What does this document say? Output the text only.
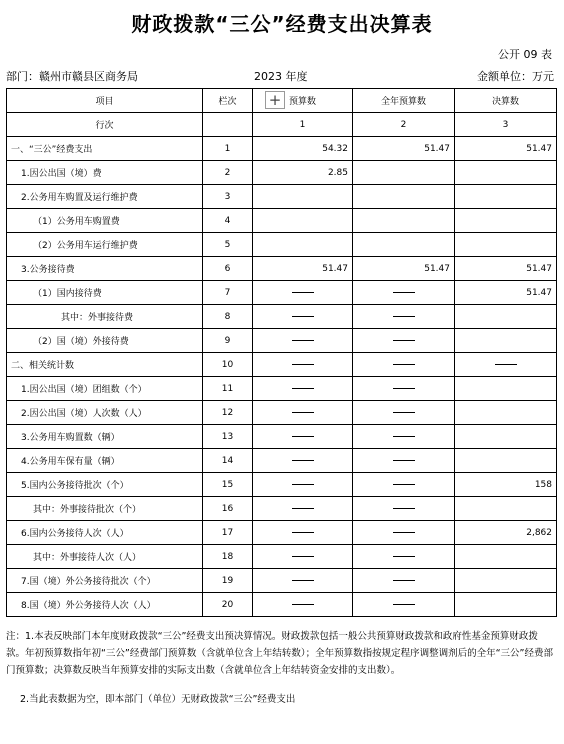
财政拨款“三公”经费支出决算表
公开 09 表
部门：赣州市赣县区商务局	2023 年度	金额单位：万元
项目	栏次	+ 预算数	全年预算数	决算数
行次		1	2	3
一、“三公”经费支出	1	54.32	51.47	51.47
1.因公出国（境）费	2	2.85		
2.公务用车购置及运行维护费	3			
（1）公务用车购置费	4			
（2）公务用车运行维护费	5			
3.公务接待费	6	51.47	51.47	51.47
（1）国内接待费	7			51.47
其中：外事接待费	8			
（2）国（境）外接待费	9			
二、相关统计数	10			
1.因公出国（境）团组数（个）	11			
2.因公出国（境）人次数（人）	12			
3.公务用车购置数（辆）	13			
4.公务用车保有量（辆）	14			
5.国内公务接待批次（个）	15			158
其中：外事接待批次（个）	16			
6.国内公务接待人次（人）	17			2,862
其中：外事接待人次（人）	18			
7.国（境）外公务接待批次（个）	19			
8.国（境）外公务接待人次（人）	20			

注：1.本表反映部门本年度财政拨款“三公”经费支出预决算情况。财政拨款包括一般公共预算财政拨款和政府性基金预算财政拨款。年初预算数指年初“三公”经费部门预算数（含就单位含上年结转数）；全年预算数指按规定程序调整调剂后的全年“三公”经费部门预算数；决算数反映当年预算安排的实际支出数（含就单位含上年结转资金安排的支出数）。

2.当此表数据为空，即本部门（单位）无财政拨款“三公”经费支出
